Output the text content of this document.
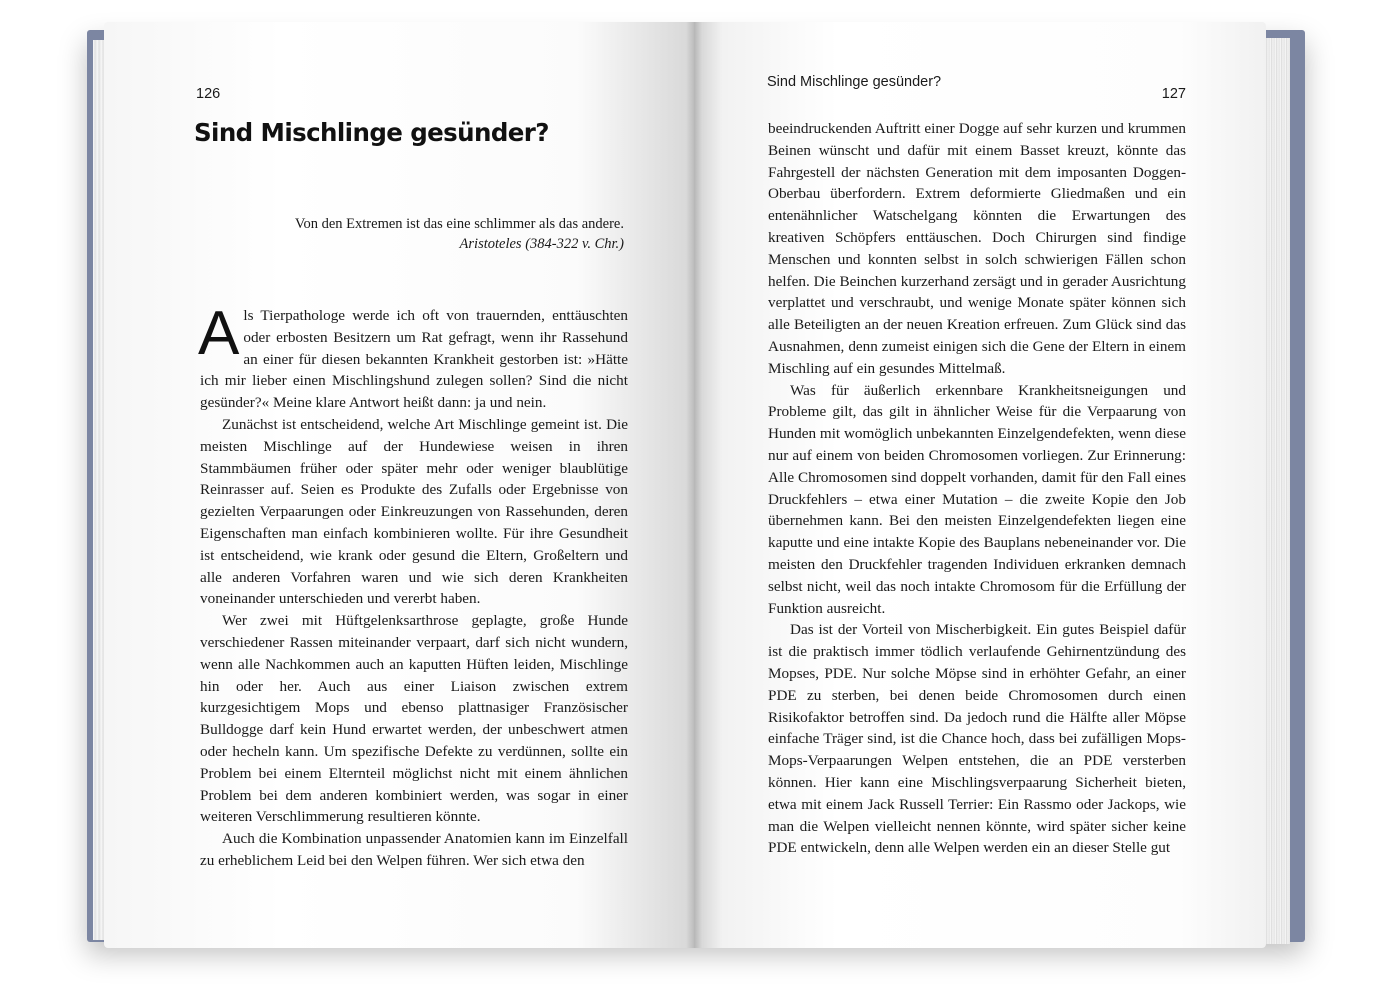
126
Sind Mischlinge gesünder?
Von den Extremen ist das eine schlimmer als das andere.
Aristoteles (384-322 v. Chr.)

Als Tierpathologe werde ich oft von trauernden, enttäuschten oder erbosten Besitzern um Rat gefragt, wenn ihr Rassehund an einer für diesen bekannten Krankheit gestorben ist: »Hätte ich mir lieber einen Mischlingshund zulegen sollen? Sind die nicht gesünder?« Meine klare Antwort heißt dann: ja und nein.

Zunächst ist entscheidend, welche Art Mischlinge gemeint ist. Die meisten Mischlinge auf der Hundewiese weisen in ihren Stammbäumen früher oder später mehr oder weniger blaublütige Reinrasser auf. Seien es Produkte des Zufalls oder Ergebnisse von gezielten Verpaarungen oder Einkreuzungen von Rassehunden, deren Eigenschaften man einfach kombinieren wollte. Für ihre Gesundheit ist entscheidend, wie krank oder gesund die Eltern, Großeltern und alle anderen Vorfahren waren und wie sich deren Krankheiten voneinander unterschieden und vererbt haben.

Wer zwei mit Hüftgelenksarthrose geplagte, große Hunde verschiedener Rassen miteinander verpaart, darf sich nicht wundern, wenn alle Nachkommen auch an kaputten Hüften leiden, Mischlinge hin oder her. Auch aus einer Liaison zwischen extrem kurzgesichtigem Mops und ebenso plattnasiger Französischer Bulldogge darf kein Hund erwartet werden, der unbeschwert atmen oder hecheln kann. Um spezifische Defekte zu verdünnen, sollte ein Problem bei einem Elternteil möglichst nicht mit einem ähnlichen Problem bei dem anderen kombiniert werden, was sogar in einer weiteren Verschlimmerung resultieren könnte.

Auch die Kombination unpassender Anatomien kann im Einzelfall zu erheblichem Leid bei den Welpen führen. Wer sich etwa den

Sind Mischlinge gesünder?
127

beeindruckenden Auftritt einer Dogge auf sehr kurzen und krummen Beinen wünscht und dafür mit einem Basset kreuzt, könnte das Fahrgestell der nächsten Generation mit dem imposanten Doggen-Oberbau überfordern. Extrem deformierte Gliedmaßen und ein entenähnlicher Watschelgang könnten die Erwartungen des kreativen Schöpfers enttäuschen. Doch Chirurgen sind findige Menschen und konnten selbst in solch schwierigen Fällen schon helfen. Die Beinchen kurzerhand zersägt und in gerader Ausrichtung verplattet und verschraubt, und wenige Monate später können sich alle Beteiligten an der neuen Kreation erfreuen. Zum Glück sind das Ausnahmen, denn zumeist einigen sich die Gene der Eltern in einem Mischling auf ein gesundes Mittelmaß.

Was für äußerlich erkennbare Krankheitsneigungen und Probleme gilt, das gilt in ähnlicher Weise für die Verpaarung von Hunden mit womöglich unbekannten Einzelgendefekten, wenn diese nur auf einem von beiden Chromosomen vorliegen. Zur Erinnerung: Alle Chromosomen sind doppelt vorhanden, damit für den Fall eines Druckfehlers – etwa einer Mutation – die zweite Kopie den Job übernehmen kann. Bei den meisten Einzelgendefekten liegen eine kaputte und eine intakte Kopie des Bauplans nebeneinander vor. Die meisten den Druckfehler tragenden Individuen erkranken demnach selbst nicht, weil das noch intakte Chromosom für die Erfüllung der Funktion ausreicht.

Das ist der Vorteil von Mischerbigkeit. Ein gutes Beispiel dafür ist die praktisch immer tödlich verlaufende Gehirnentzündung des Mopses, PDE. Nur solche Möpse sind in erhöhter Gefahr, an einer PDE zu sterben, bei denen beide Chromosomen durch einen Risikofaktor betroffen sind. Da jedoch rund die Hälfte aller Möpse einfache Träger sind, ist die Chance hoch, dass bei zufälligen Mops-Mops-Verpaarungen Welpen entstehen, die an PDE versterben können. Hier kann eine Mischlingsverpaarung Sicherheit bieten, etwa mit einem Jack Russell Terrier: Ein Rassmo oder Jackops, wie man die Welpen vielleicht nennen könnte, wird später sicher keine PDE entwickeln, denn alle Welpen werden ein an dieser Stelle gut
